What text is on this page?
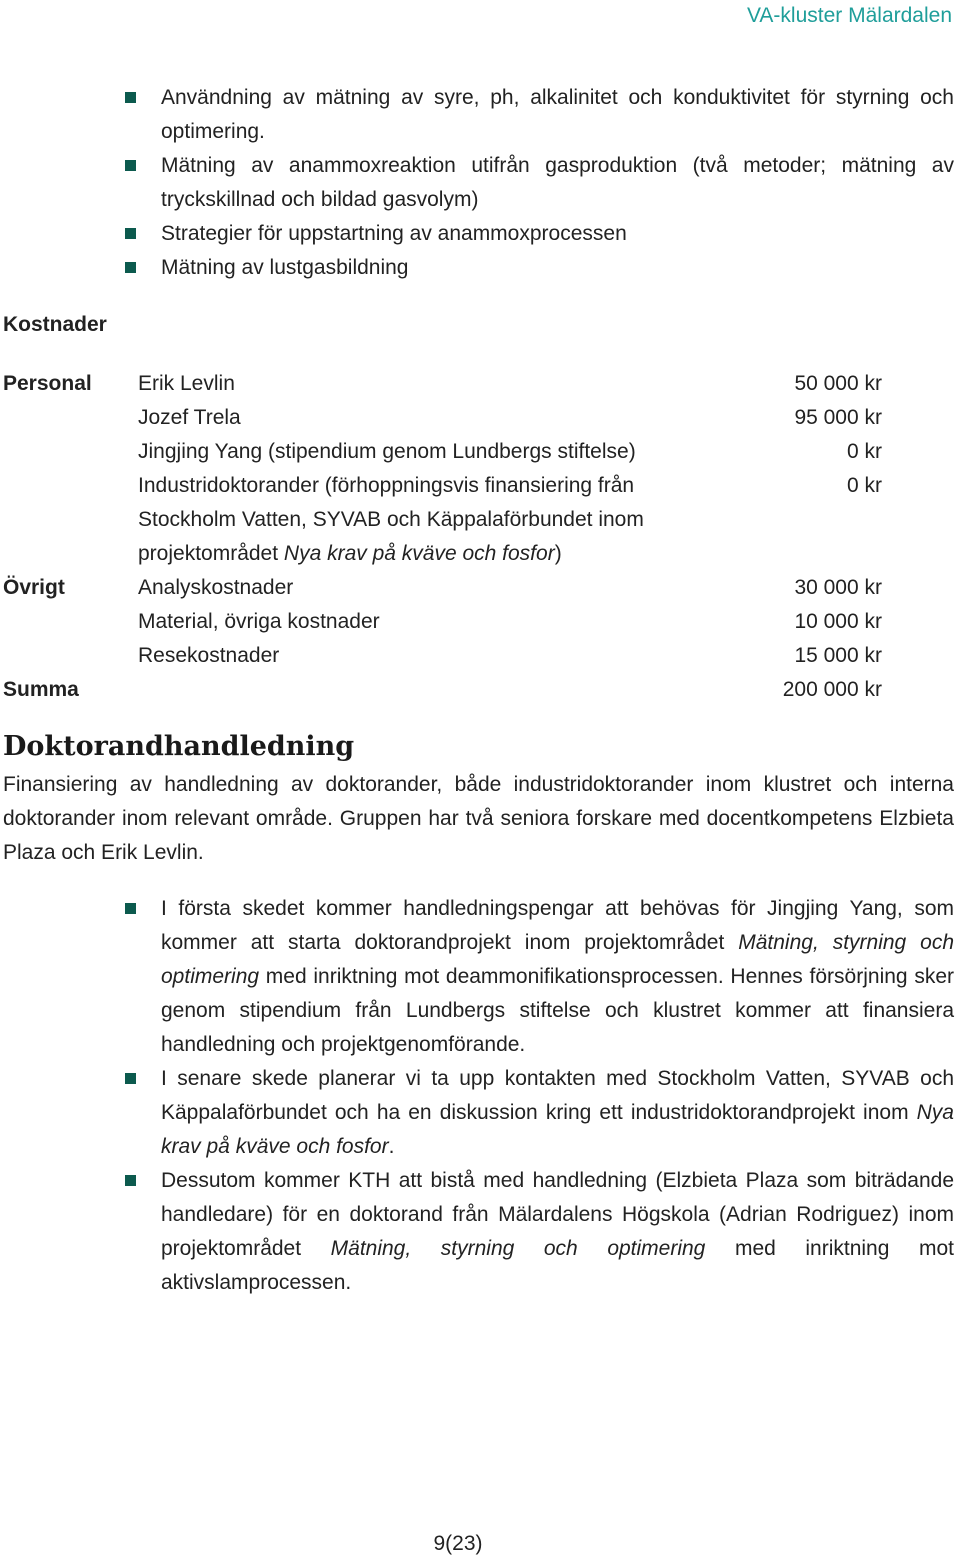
VA-kluster Mälardalen
Användning av mätning av syre, ph, alkalinitet och konduktivitet för styrning och optimering.
Mätning av anammoxreaktion utifrån gasproduktion (två metoder; mätning av tryckskillnad och bildad gasvolym)
Strategier för uppstartning av anammoxprocessen
Mätning av lustgasbildning
Kostnader
Personal Erik Levlin	50 000 kr
Jozef Trela	95 000 kr
Jingjing Yang (stipendium genom Lundbergs stiftelse)	0 kr
Industridoktorander (förhoppningsvis finansiering från	0 kr
Stockholm Vatten, SYVAB och Käppalaförbundet inom
projektområdet Nya krav på kväve och fosfor)
Övrigt	Analyskostnader	30 000 kr
Material, övriga kostnader	10 000 kr
Resekostnader	15 000 kr
Summa	200 000 kr
Doktorandhandledning
Finansiering av handledning av doktorander, både industridoktorander inom klustret och interna doktorander inom relevant område. Gruppen har två seniora forskare med docentkompetens Elzbieta Plaza och Erik Levlin.
I första skedet kommer handledningspengar att behövas för Jingjing Yang, som kommer att starta doktorandprojekt inom projektområdet Mätning, styrning och optimering med inriktning mot deammonifikationsprocessen. Hennes försörjning sker genom stipendium från Lundbergs stiftelse och klustret kommer att finansiera handledning och projektgenomförande.
I senare skede planerar vi ta upp kontakten med Stockholm Vatten, SYVAB och Käppalaförbundet och ha en diskussion kring ett industridoktorandprojekt inom Nya krav på kväve och fosfor.
Dessutom kommer KTH att bistå med handledning (Elzbieta Plaza som biträdande handledare) för en doktorand från Mälardalens Högskola (Adrian Rodriguez) inom projektområdet Mätning, styrning och optimering med inriktning mot aktivslamprocessen.
9(23)
